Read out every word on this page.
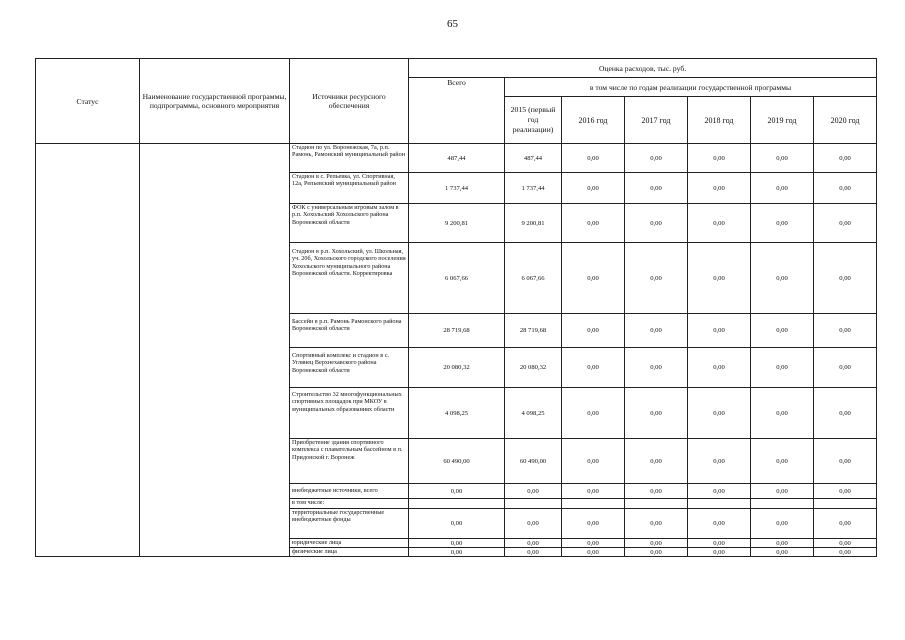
65
Статус	Наименование государственной программы, подпрограммы, основного мероприятия	Источники ресурсного обеспечения	Оценка расходов, тыс. руб.						
			Всего	в том числе по годам реализации государственной программы					
				2015 (первый год реализации)	2016 год	2017 год	2018 год	2019 год	2020 год
		Стадион по ул. Воронежская, 7а, р.п. Рамонь, Рамонский муниципальный район	487,44	487,44	0,00	0,00	0,00	0,00	0,00
		Стадион в с. Репьевка, ул. Спортивная, 12а, Репьевский муниципальный район	1 737,44	1 737,44	0,00	0,00	0,00	0,00	0,00
		ФОК с универсальным игровым залом в р.п. Хохольский Хохольского района Воронежской области	9 200,81	9 200,81	0,00	0,00	0,00	0,00	0,00
		Стадион в р.п. Хохольский, ул. Школьная, уч. 20б, Хохольского городского поселения Хохольского муниципального района Воронежской области. Корректировка	6 067,66	6 067,66	0,00	0,00	0,00	0,00	0,00
		Бассейн в р.п. Рамонь Рамонского района Воронежской области	28 719,68	28 719,68	0,00	0,00	0,00	0,00	0,00
		Спортивный комплекс и стадион в с. Углянец Верхнехавского района Воронежской области	20 080,32	20 080,32	0,00	0,00	0,00	0,00	0,00
		Строительство 32 многофункциональных спортивных площадок при МКОУ в муниципальных образованиях области	4 098,25	4 098,25	0,00	0,00	0,00	0,00	0,00
		Приобретение здания спортивного комплекса с плавательным бассейном в п. Придонской г. Воронеж	60 490,00	60 490,00	0,00	0,00	0,00	0,00	0,00
		внебюджетные источники, всего	0,00	0,00	0,00	0,00	0,00	0,00	0,00
		в том числе:							
		территориальные государственные внебюджетные фонды	0,00	0,00	0,00	0,00	0,00	0,00	0,00
		юридические лица	0,00	0,00	0,00	0,00	0,00	0,00	0,00
		физические лица	0,00	0,00	0,00	0,00	0,00	0,00	0,00
